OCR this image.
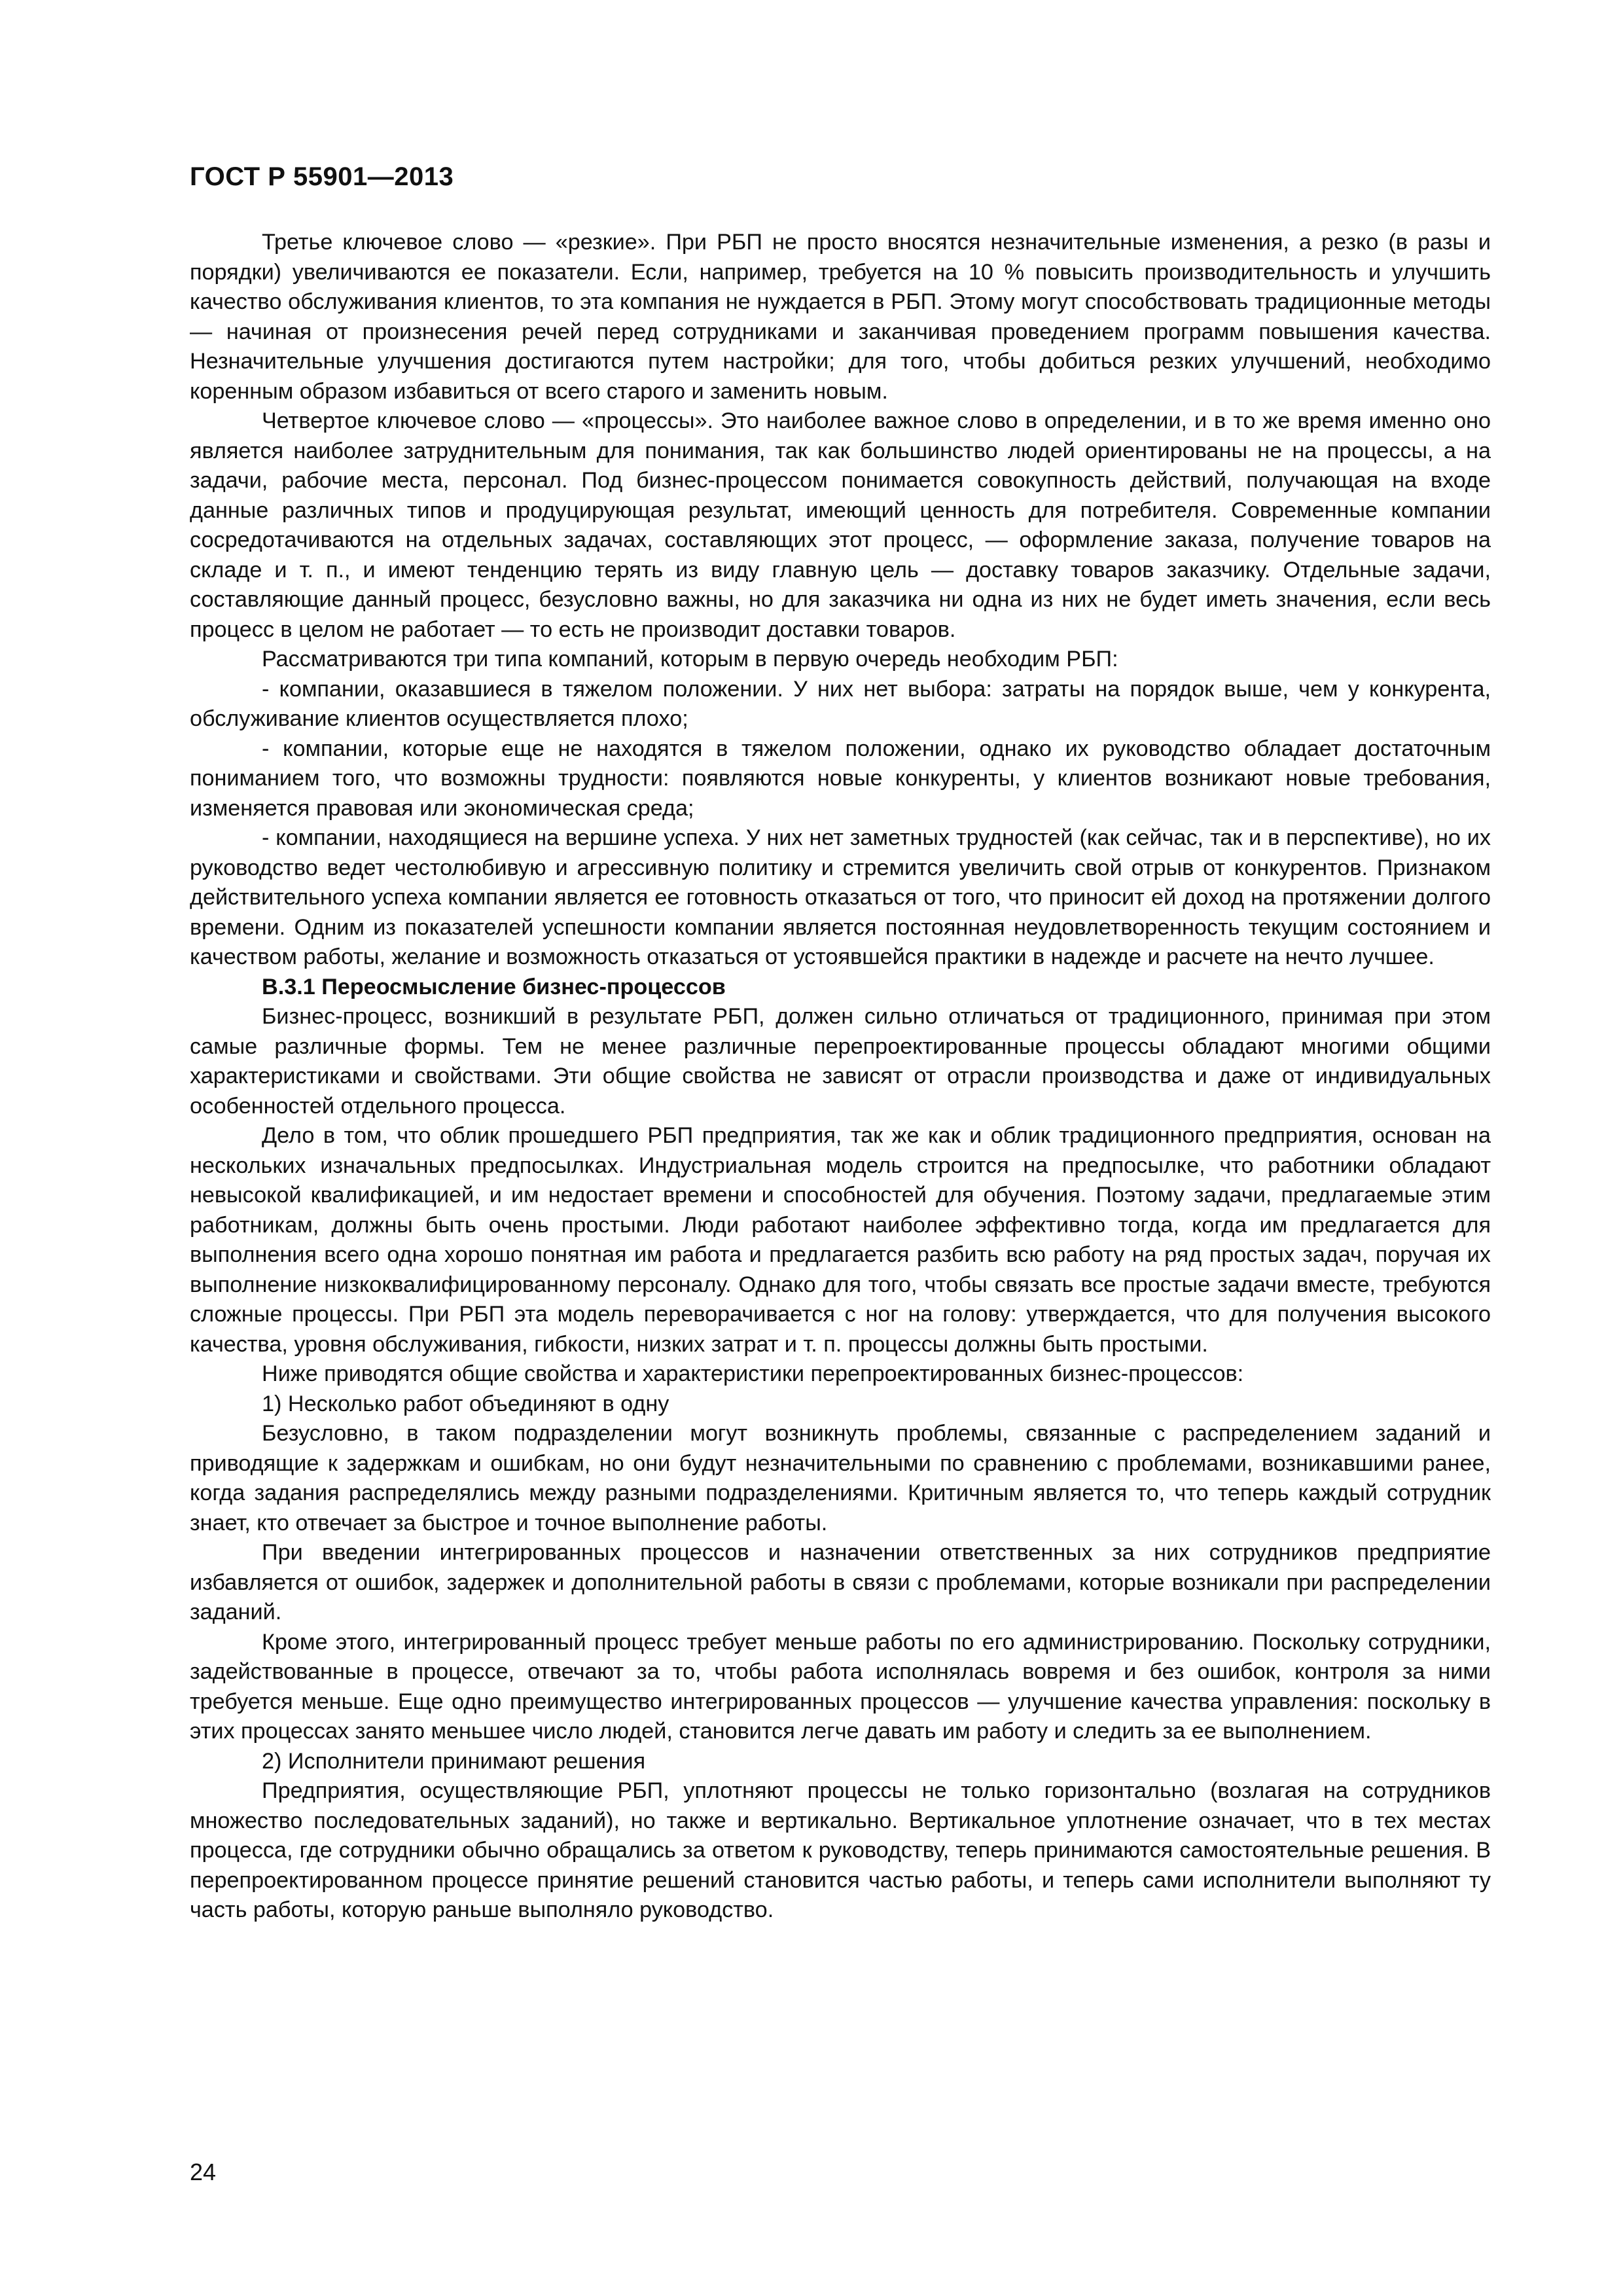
ГОСТ Р 55901—2013

Третье ключевое слово — «резкие». При РБП не просто вносятся незначительные изменения, а резко (в разы и порядки) увеличиваются ее показатели. Если, например, требуется на 10 % повысить производительность и улучшить качество обслуживания клиентов, то эта компания не нуждается в РБП. Этому могут способствовать традиционные методы — начиная от произнесения речей перед сотрудниками и заканчивая проведением программ повышения качества. Незначительные улучшения достигаются путем настройки; для того, чтобы добиться резких улучшений, необходимо коренным образом избавиться от всего старого и заменить новым.

Четвертое ключевое слово — «процессы». Это наиболее важное слово в определении, и в то же время именно оно является наиболее затруднительным для понимания, так как большинство людей ориентированы не на процессы, а на задачи, рабочие места, персонал. Под бизнес-процессом понимается совокупность действий, получающая на входе данные различных типов и продуцирующая результат, имеющий ценность для потребителя. Современные компании сосредотачиваются на отдельных задачах, составляющих этот процесс, — оформление заказа, получение товаров на складе и т. п., и имеют тенденцию терять из виду главную цель — доставку товаров заказчику. Отдельные задачи, составляющие данный процесс, безусловно важны, но для заказчика ни одна из них не будет иметь значения, если весь процесс в целом не работает — то есть не производит доставки товаров.

Рассматриваются три типа компаний, которым в первую очередь необходим РБП:

- компании, оказавшиеся в тяжелом положении. У них нет выбора: затраты на порядок выше, чем у конкурента, обслуживание клиентов осуществляется плохо;

- компании, которые еще не находятся в тяжелом положении, однако их руководство обладает достаточным пониманием того, что возможны трудности: появляются новые конкуренты, у клиентов возникают новые требования, изменяется правовая или экономическая среда;

- компании, находящиеся на вершине успеха. У них нет заметных трудностей (как сейчас, так и в перспективе), но их руководство ведет честолюбивую и агрессивную политику и стремится увеличить свой отрыв от конкурентов. Признаком действительного успеха компании является ее готовность отказаться от того, что приносит ей доход на протяжении долгого времени. Одним из показателей успешности компании является постоянная неудовлетворенность текущим состоянием и качеством работы, желание и возможность отказаться от устоявшейся практики в надежде и расчете на нечто лучшее.

В.3.1 Переосмысление бизнес-процессов

Бизнес-процесс, возникший в результате РБП, должен сильно отличаться от традиционного, принимая при этом самые различные формы. Тем не менее различные перепроектированные процессы обладают многими общими характеристиками и свойствами. Эти общие свойства не зависят от отрасли производства и даже от индивидуальных особенностей отдельного процесса.

Дело в том, что облик прошедшего РБП предприятия, так же как и облик традиционного предприятия, основан на нескольких изначальных предпосылках. Индустриальная модель строится на предпосылке, что работники обладают невысокой квалификацией, и им недостает времени и способностей для обучения. Поэтому задачи, предлагаемые этим работникам, должны быть очень простыми. Люди работают наиболее эффективно тогда, когда им предлагается для выполнения всего одна хорошо понятная им работа и предлагается разбить всю работу на ряд простых задач, поручая их выполнение низкоквалифицированному персоналу. Однако для того, чтобы связать все простые задачи вместе, требуются сложные процессы. При РБП эта модель переворачивается с ног на голову: утверждается, что для получения высокого качества, уровня обслуживания, гибкости, низких затрат и т. п. процессы должны быть простыми.

Ниже приводятся общие свойства и характеристики перепроектированных бизнес-процессов:

1) Несколько работ объединяют в одну

Безусловно, в таком подразделении могут возникнуть проблемы, связанные с распределением заданий и приводящие к задержкам и ошибкам, но они будут незначительными по сравнению с проблемами, возникавшими ранее, когда задания распределялись между разными подразделениями. Критичным является то, что теперь каждый сотрудник знает, кто отвечает за быстрое и точное выполнение работы.

При введении интегрированных процессов и назначении ответственных за них сотрудников предприятие избавляется от ошибок, задержек и дополнительной работы в связи с проблемами, которые возникали при распределении заданий.

Кроме этого, интегрированный процесс требует меньше работы по его администрированию. Поскольку сотрудники, задействованные в процессе, отвечают за то, чтобы работа исполнялась вовремя и без ошибок, контроля за ними требуется меньше. Еще одно преимущество интегрированных процессов — улучшение качества управления: поскольку в этих процессах занято меньшее число людей, становится легче давать им работу и следить за ее выполнением.

2) Исполнители принимают решения

Предприятия, осуществляющие РБП, уплотняют процессы не только горизонтально (возлагая на сотрудников множество последовательных заданий), но также и вертикально. Вертикальное уплотнение означает, что в тех местах процесса, где сотрудники обычно обращались за ответом к руководству, теперь принимаются самостоятельные решения. В перепроектированном процессе принятие решений становится частью работы, и теперь сами исполнители выполняют ту часть работы, которую раньше выполняло руководство.

24
